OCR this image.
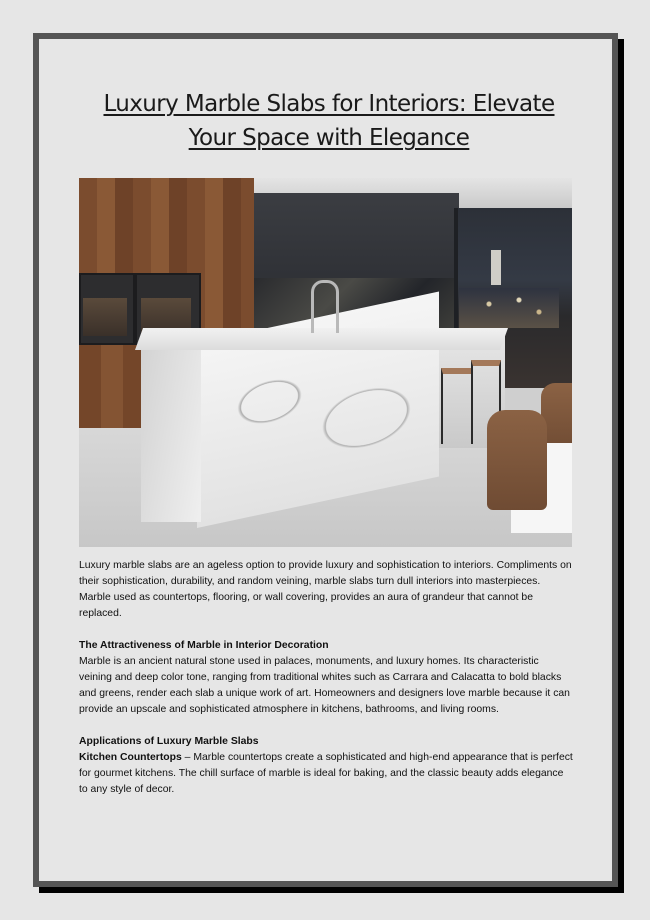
Luxury Marble Slabs for Interiors: Elevate
Your Space with Elegance

Luxury marble slabs are an ageless option to provide luxury and sophistication to interiors. Compliments on their sophistication, durability, and random veining, marble slabs turn dull interiors into masterpieces. Marble used as countertops, flooring, or wall covering, provides an aura of grandeur that cannot be replaced.

The Attractiveness of Marble in Interior Decoration

Marble is an ancient natural stone used in palaces, monuments, and luxury homes. Its characteristic veining and deep color tone, ranging from traditional whites such as Carrara and Calacatta to bold blacks and greens, render each slab a unique work of art. Homeowners and designers love marble because it can provide an upscale and sophisticated atmosphere in kitchens, bathrooms, and living rooms.

Applications of Luxury Marble Slabs

Kitchen Countertops – Marble countertops create a sophisticated and high-end appearance that is perfect for gourmet kitchens. The chill surface of marble is ideal for baking, and the classic beauty adds elegance to any style of decor.
